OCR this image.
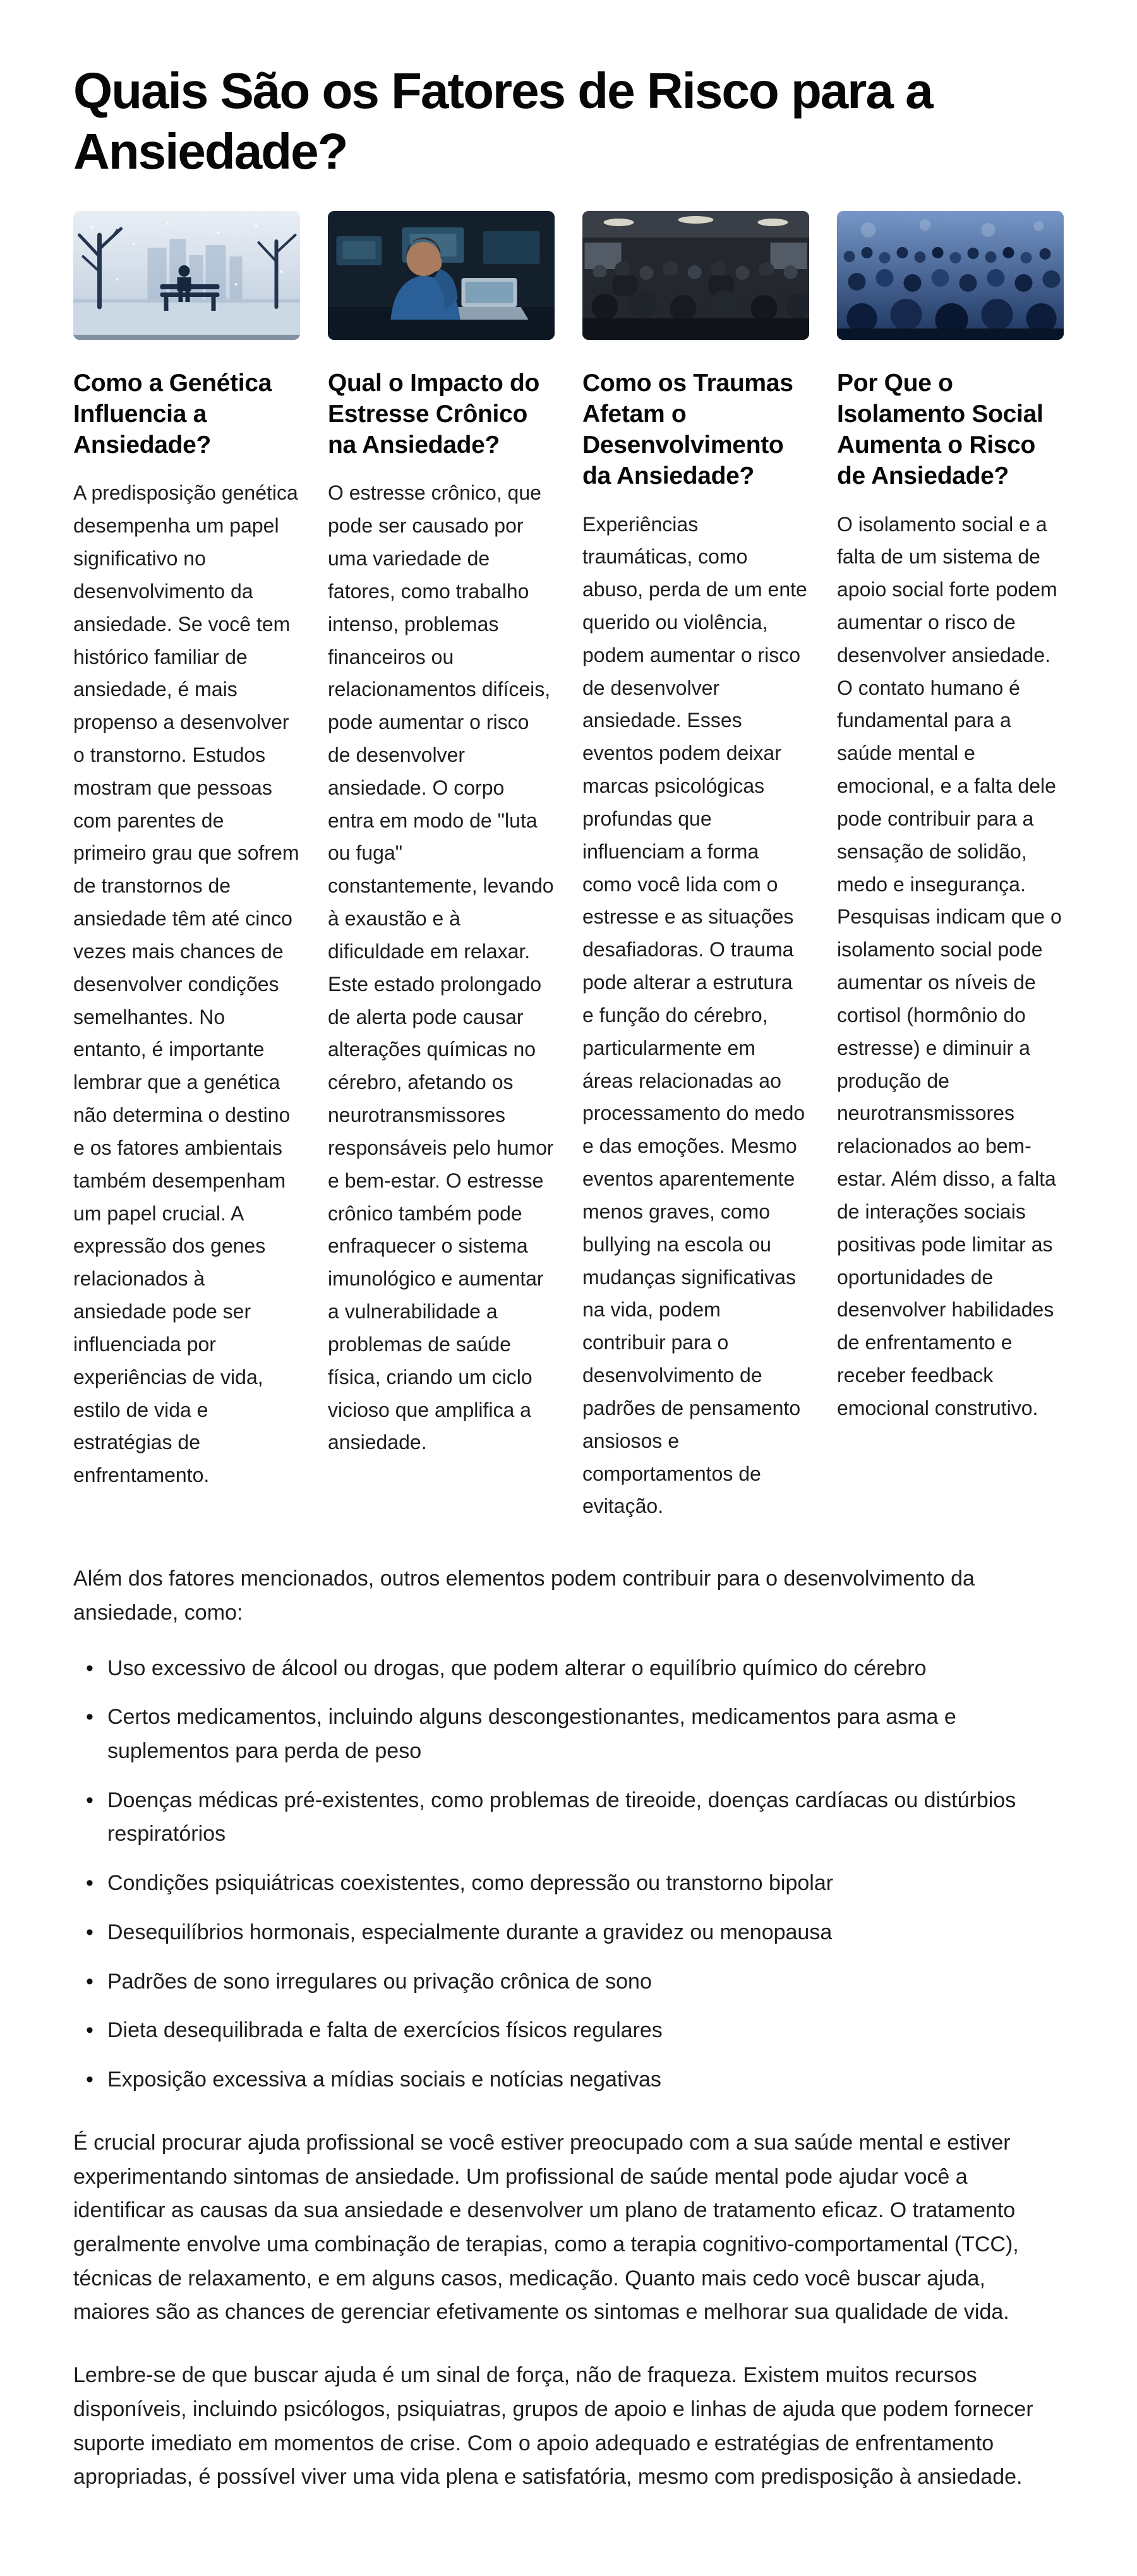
Quais São os Fatores de Risco para a Ansiedade?
Como a Genética Influencia a Ansiedade?

A predisposição genética desempenha um papel significativo no desenvolvimento da ansiedade. Se você tem histórico familiar de ansiedade, é mais propenso a desenvolver o transtorno. Estudos mostram que pessoas com parentes de primeiro grau que sofrem de transtornos de ansiedade têm até cinco vezes mais chances de desenvolver condições semelhantes. No entanto, é importante lembrar que a genética não determina o destino e os fatores ambientais também desempenham um papel crucial. A expressão dos genes relacionados à ansiedade pode ser influenciada por experiências de vida, estilo de vida e estratégias de enfrentamento.

Qual o Impacto do Estresse Crônico na Ansiedade?

O estresse crônico, que pode ser causado por uma variedade de fatores, como trabalho intenso, problemas financeiros ou relacionamentos difíceis, pode aumentar o risco de desenvolver ansiedade. O corpo entra em modo de "luta ou fuga" constantemente, levando à exaustão e à dificuldade em relaxar. Este estado prolongado de alerta pode causar alterações químicas no cérebro, afetando os neurotransmissores responsáveis pelo humor e bem-estar. O estresse crônico também pode enfraquecer o sistema imunológico e aumentar a vulnerabilidade a problemas de saúde física, criando um ciclo vicioso que amplifica a ansiedade.

Como os Traumas Afetam o Desenvolvimento da Ansiedade?

Experiências traumáticas, como abuso, perda de um ente querido ou violência, podem aumentar o risco de desenvolver ansiedade. Esses eventos podem deixar marcas psicológicas profundas que influenciam a forma como você lida com o estresse e as situações desafiadoras. O trauma pode alterar a estrutura e função do cérebro, particularmente em áreas relacionadas ao processamento do medo e das emoções. Mesmo eventos aparentemente menos graves, como bullying na escola ou mudanças significativas na vida, podem contribuir para o desenvolvimento de padrões de pensamento ansiosos e comportamentos de evitação.

Por Que o Isolamento Social Aumenta o Risco de Ansiedade?

O isolamento social e a falta de um sistema de apoio social forte podem aumentar o risco de desenvolver ansiedade. O contato humano é fundamental para a saúde mental e emocional, e a falta dele pode contribuir para a sensação de solidão, medo e insegurança. Pesquisas indicam que o isolamento social pode aumentar os níveis de cortisol (hormônio do estresse) e diminuir a produção de neurotransmissores relacionados ao bem-estar. Além disso, a falta de interações sociais positivas pode limitar as oportunidades de desenvolver habilidades de enfrentamento e receber feedback emocional construtivo.

Além dos fatores mencionados, outros elementos podem contribuir para o desenvolvimento da ansiedade, como:

• Uso excessivo de álcool ou drogas, que podem alterar o equilíbrio químico do cérebro
• Certos medicamentos, incluindo alguns descongestionantes, medicamentos para asma e suplementos para perda de peso
• Doenças médicas pré-existentes, como problemas de tireoide, doenças cardíacas ou distúrbios respiratórios
• Condições psiquiátricas coexistentes, como depressão ou transtorno bipolar
• Desequilíbrios hormonais, especialmente durante a gravidez ou menopausa
• Padrões de sono irregulares ou privação crônica de sono
• Dieta desequilibrada e falta de exercícios físicos regulares
• Exposição excessiva a mídias sociais e notícias negativas

É crucial procurar ajuda profissional se você estiver preocupado com a sua saúde mental e estiver experimentando sintomas de ansiedade. Um profissional de saúde mental pode ajudar você a identificar as causas da sua ansiedade e desenvolver um plano de tratamento eficaz. O tratamento geralmente envolve uma combinação de terapias, como a terapia cognitivo-comportamental (TCC), técnicas de relaxamento, e em alguns casos, medicação. Quanto mais cedo você buscar ajuda, maiores são as chances de gerenciar efetivamente os sintomas e melhorar sua qualidade de vida.

Lembre-se de que buscar ajuda é um sinal de força, não de fraqueza. Existem muitos recursos disponíveis, incluindo psicólogos, psiquiatras, grupos de apoio e linhas de ajuda que podem fornecer suporte imediato em momentos de crise. Com o apoio adequado e estratégias de enfrentamento apropriadas, é possível viver uma vida plena e satisfatória, mesmo com predisposição à ansiedade.
